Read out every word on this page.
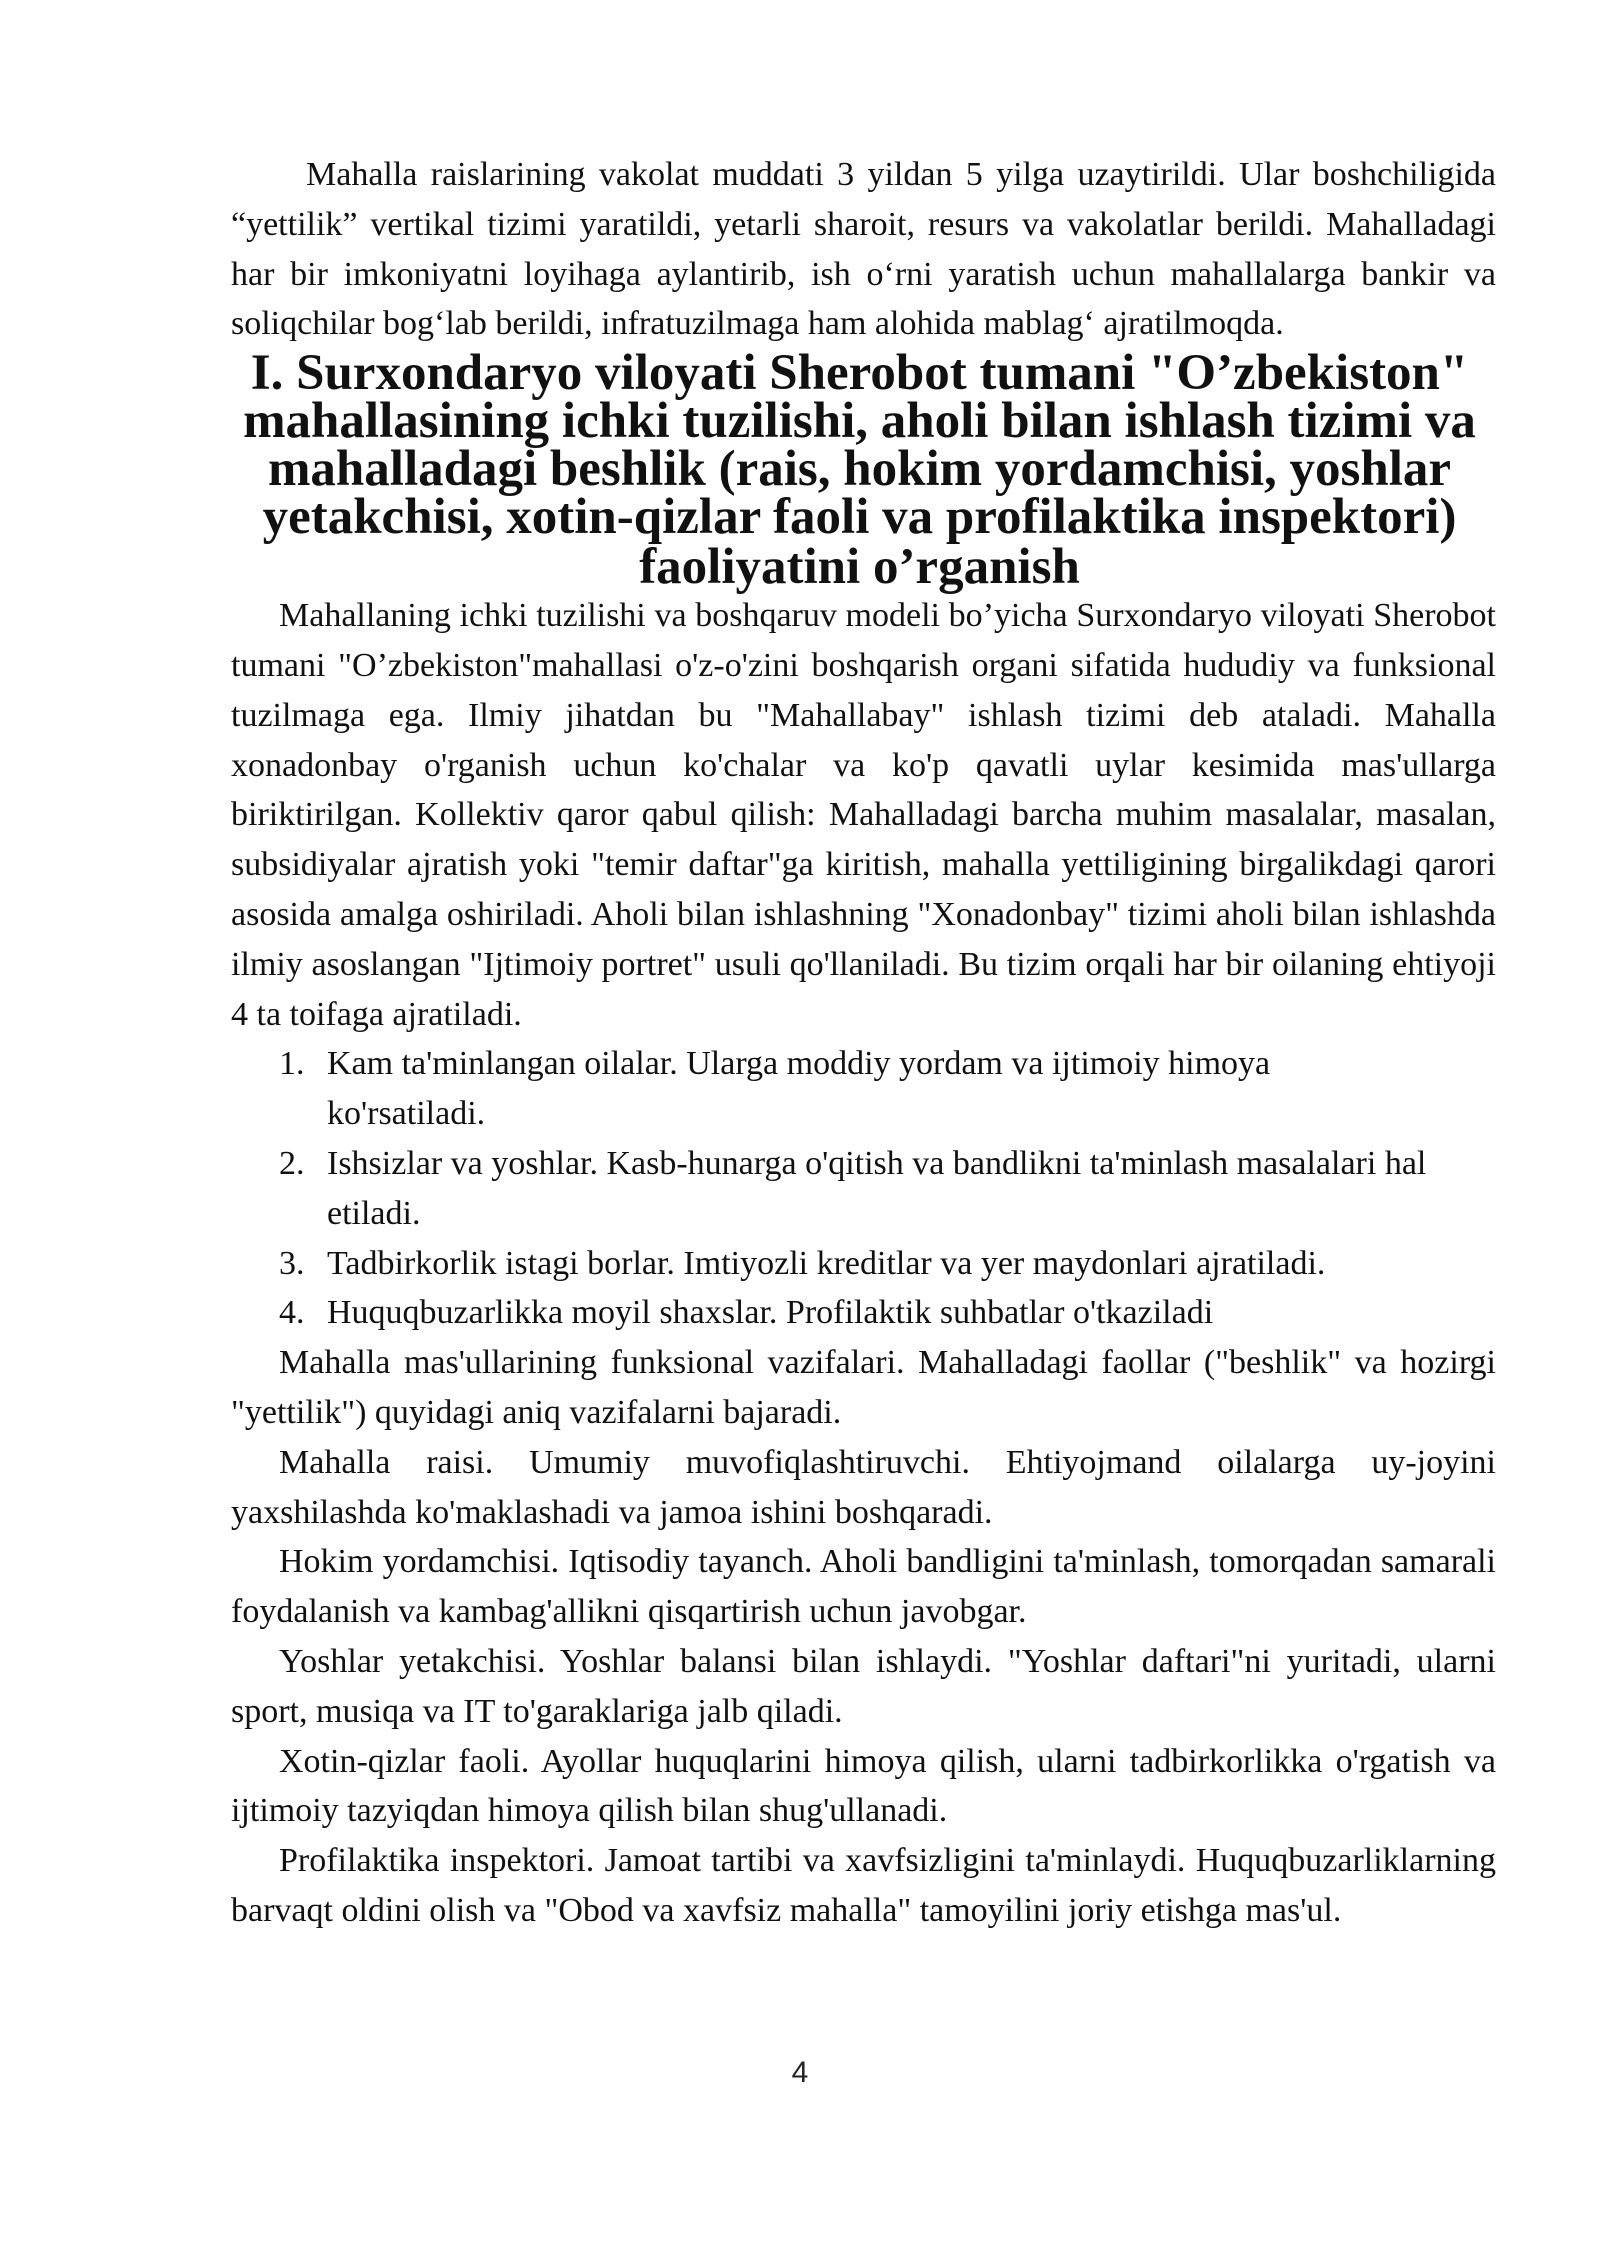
Mahalla raislarining vakolat muddati 3 yildan 5 yilga uzaytirildi. Ular boshchiligida “yettilik” vertikal tizimi yaratildi, yetarli sharoit, resurs va vakolatlar berildi. Mahalladagi har bir imkoniyatni loyihaga aylantirib, ish o‘rni yaratish uchun mahallalarga bankir va soliqchilar bog‘lab berildi, infratuzilmaga ham alohida mablag‘ ajratilmoqda.

I. Surxondaryo viloyati Sherobot tumani "O’zbekiston" mahallasining ichki tuzilishi, aholi bilan ishlash tizimi va mahalladagi beshlik (rais, hokim yordamchisi, yoshlar yetakchisi, xotin-qizlar faoli va profilaktika inspektori)
faoliyatini o’rganish

Mahallaning ichki tuzilishi va boshqaruv modeli bo’yicha Surxondaryo viloyati Sherobot tumani "O’zbekiston"mahallasi o'z-o'zini boshqarish organi sifatida hududiy va funksional tuzilmaga ega. Ilmiy jihatdan bu "Mahallabay" ishlash tizimi deb ataladi. Mahalla xonadonbay o'rganish uchun ko'chalar va ko'p qavatli uylar kesimida mas'ullarga biriktirilgan. Kollektiv qaror qabul qilish: Mahalladagi barcha muhim masalalar, masalan, subsidiyalar ajratish yoki "temir daftar"ga kiritish, mahalla yettiligining birgalikdagi qarori asosida amalga oshiriladi. Aholi bilan ishlashning "Xonadonbay" tizimi aholi bilan ishlashda ilmiy asoslangan "Ijtimoiy portret" usuli qo'llaniladi. Bu tizim orqali har bir oilaning ehtiyoji 4 ta toifaga ajratiladi.

1. Kam ta'minlangan oilalar. Ularga moddiy yordam va ijtimoiy himoya ko'rsatiladi.
2. Ishsizlar va yoshlar. Kasb-hunarga o'qitish va bandlikni ta'minlash masalalari hal etiladi.
3. Tadbirkorlik istagi borlar. Imtiyozli kreditlar va yer maydonlari ajratiladi.
4. Huquqbuzarlikka moyil shaxslar. Profilaktik suhbatlar o'tkaziladi

Mahalla mas'ullarining funksional vazifalari. Mahalladagi faollar ("beshlik" va hozirgi "yettilik") quyidagi aniq vazifalarni bajaradi.

Mahalla raisi. Umumiy muvofiqlashtiruvchi. Ehtiyojmand oilalarga uy-joyini yaxshilashda ko'maklashadi va jamoa ishini boshqaradi.

Hokim yordamchisi. Iqtisodiy tayanch. Aholi bandligini ta'minlash, tomorqadan samarali foydalanish va kambag'allikni qisqartirish uchun javobgar.

Yoshlar yetakchisi. Yoshlar balansi bilan ishlaydi. "Yoshlar daftari"ni yuritadi, ularni sport, musiqa va IT to'garaklariga jalb qiladi.

Xotin-qizlar faoli. Ayollar huquqlarini himoya qilish, ularni tadbirkorlikka o'rgatish va ijtimoiy tazyiqdan himoya qilish bilan shug'ullanadi.

Profilaktika inspektori. Jamoat tartibi va xavfsizligini ta'minlaydi. Huquqbuzarliklarning barvaqt oldini olish va "Obod va xavfsiz mahalla" tamoyilini joriy etishga mas'ul.

4
